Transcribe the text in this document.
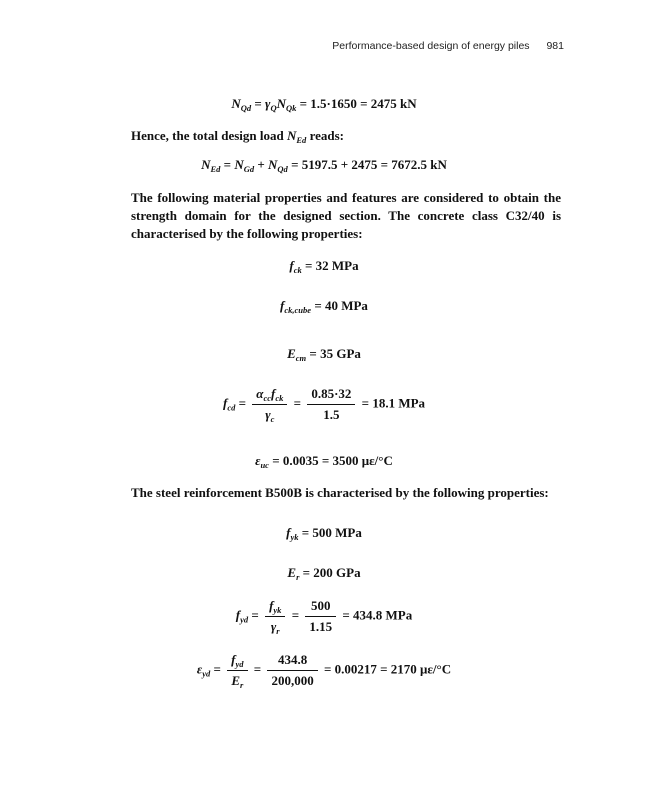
Performance-based design of energy piles 981
$N_{Qd} = \gamma_QN_{Qk} = 1.5\cdot 1650 = 2475$ kN
Hence, the total design load $N_{Ed}$ reads:
$N_{Ed} = N_{Gd} + N_{Qd} = 5197.5 + 2475 = 7672.5$ kN
The following material properties and features are considered to obtain the strength domain for the designed section. The concrete class C32/40 is characterised by the following properties:
$f_{ck} = 32$ MPa
$f_{ck,cube} = 40$ MPa
$E_{cm} = 35$ GPa
$f_{cd} = \frac{\alpha_{cc}f_{ck}}{\gamma_c} = \frac{0.85\cdot 32}{1.5} = 18.1$ MPa
$\varepsilon_{uc} = 0.0035 = 3500$ με/°C
The steel reinforcement B500B is characterised by the following properties:
$f_{yk} = 500$ MPa
$E_r = 200$ GPa
$f_{yd} = \frac{f_{yk}}{\gamma_r} = \frac{500}{1.15} = 434.8$ MPa
$\varepsilon_{yd} = \frac{f_{yd}}{E_r} = \frac{434.8}{200,000} = 0.00217 = 2170$ με/°C
